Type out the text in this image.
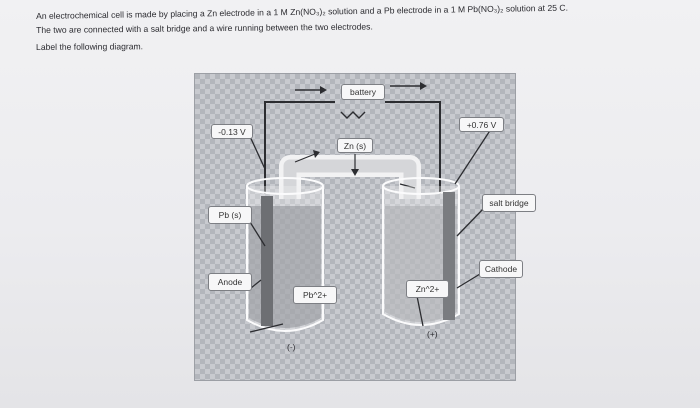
An electrochemical cell is made by placing a Zn electrode in a 1 M Zn(NO₃)₂ solution and a Pb electrode in a 1 M Pb(NO₃)₂ solution at 25 C.
The two are connected with a salt bridge and a wire running between the two electrodes.
Label the following diagram.
battery
-0.13 V
+0.76 V
Zn (s)
Pb (s)
salt bridge
Anode
Cathode
Pb^2+
Zn^2+
(-)
(+)
